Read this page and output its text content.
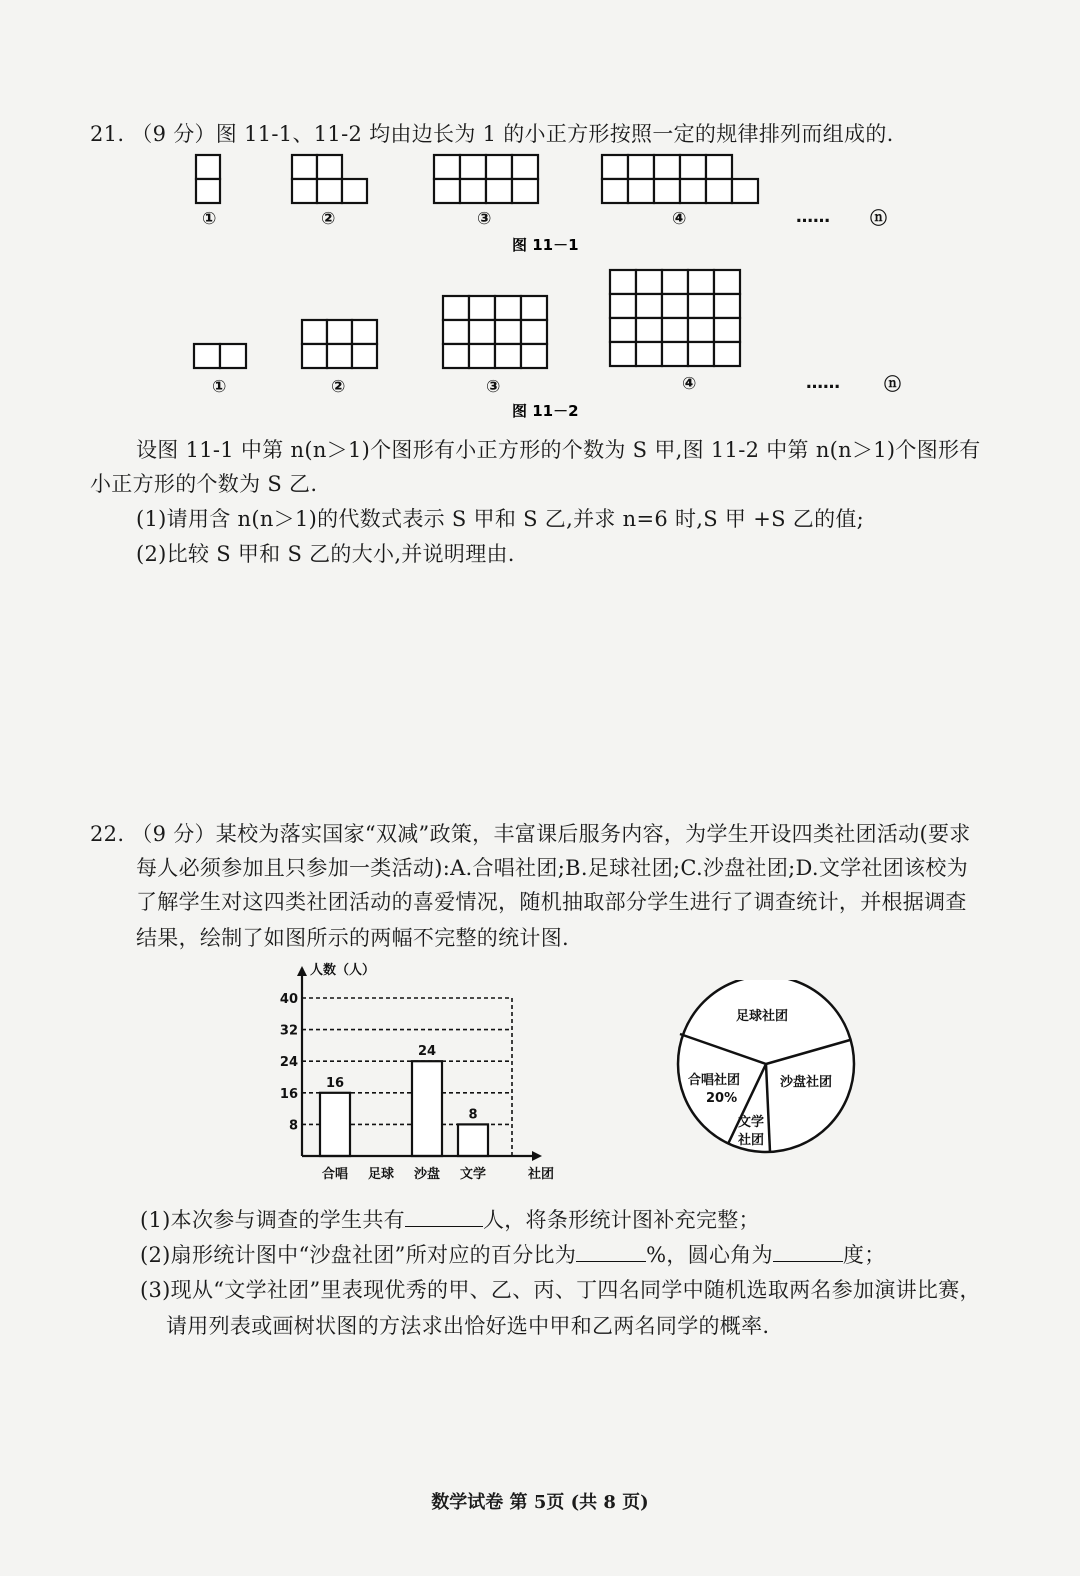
21. （9 分）图 11-1、11-2 均由边长为 1 的小正方形按照一定的规律排列而组成的.
①	②	③	④	…… ⓝ
图 11－1
①	②	③	④	……	ⓝ
图 11－2
设图 11-1 中第 n(n＞1)个图形有小正方形的个数为 S 甲,图 11-2 中第 n(n＞1)个图形有
小正方形的个数为 S 乙.
(1)请用含 n(n＞1)的代数式表示 S 甲和 S 乙,并求 n=6 时,S 甲 +S 乙的值;
(2)比较 S 甲和 S 乙的大小,并说明理由.
22. （9 分）某校为落实国家“双减”政策，丰富课后服务内容，为学生开设四类社团活动(要求
每人必须参加且只参加一类活动):A.合唱社团;B.足球社团;C.沙盘社团;D.文学社团该校为
了解学生对这四类社团活动的喜爱情况，随机抽取部分学生进行了调查统计，并根据调查
结果，绘制了如图所示的两幅不完整的统计图.
8
16
24
32
40
16
合唱 足球
24
沙盘
8
文学
人数（人）
社团
足球社团
沙盘社团
文学
社团
合唱社团
20%
(1)本次参与调查的学生共有	人，将条形统计图补充完整；
(2)扇形统计图中“沙盘社团”所对应的百分比为	%，圆心角为	度；
(3)现从“文学社团”里表现优秀的甲、乙、丙、丁四名同学中随机选取两名参加演讲比赛，
请用列表或画树状图的方法求出恰好选中甲和乙两名同学的概率.
数学试卷 第 5页 (共 8 页)
